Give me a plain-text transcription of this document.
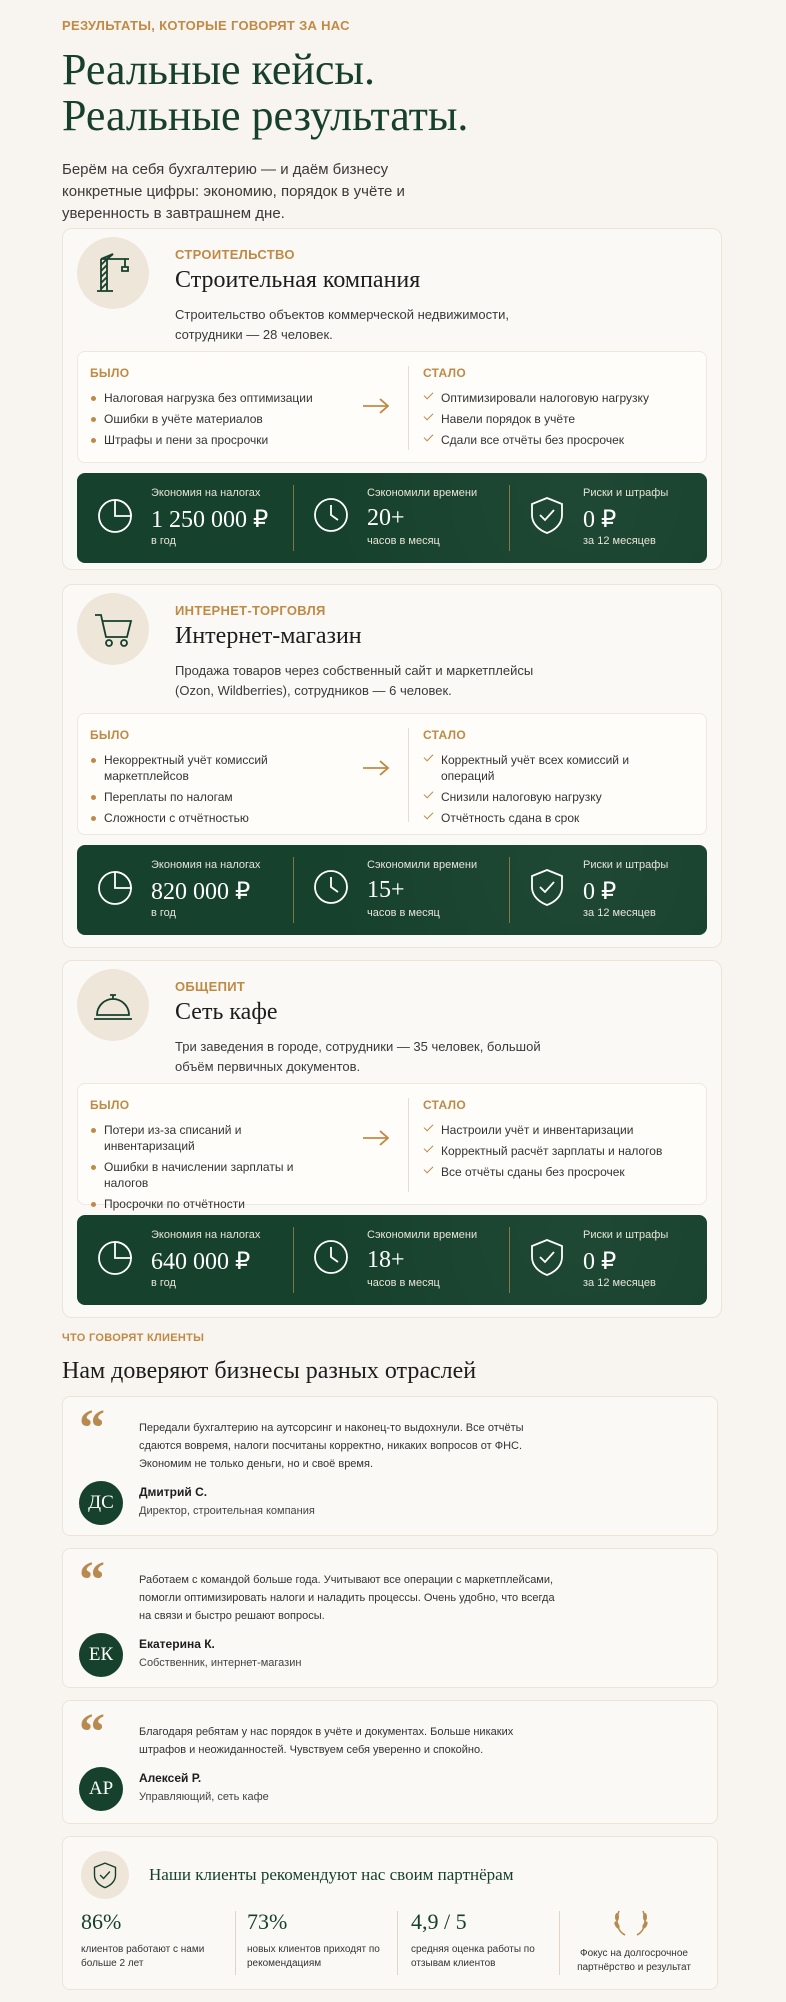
РЕЗУЛЬТАТЫ, КОТОРЫЕ ГОВОРЯТ ЗА НАС
Реальные кейсы.
Реальные результаты.

Берём на себя бухгалтерию — и даём бизнесу конкретные цифры: экономию, порядок в учёте и уверенность в завтрашнем дне.

СТРОИТЕЛЬСТВО
Строительная компания
Строительство объектов коммерческой недвижимости, сотрудники — 28 человек.
БЫЛО
Налоговая нагрузка без оптимизации
Ошибки в учёте материалов
Штрафы и пени за просрочки
СТАЛО
Оптимизировали налоговую нагрузку
Навели порядок в учёте
Сдали все отчёты без просрочек
Экономия на налогах
1 250 000 ₽
в год
Сэкономили времени
20+
часов в месяц
Риски и штрафы
0 ₽
за 12 месяцев
ИНТЕРНЕТ-ТОРГОВЛЯ
Интернет-магазин
Продажа товаров через собственный сайт и маркетплейсы (Ozon, Wildberries), сотрудников — 6 человек.
БЫЛО
Некорректный учёт комиссий маркетплейсов
Переплаты по налогам
Сложности с отчётностью
СТАЛО
Корректный учёт всех комиссий и операций
Снизили налоговую нагрузку
Отчётность сдана в срок
Экономия на налогах
820 000 ₽
в год
Сэкономили времени
15+
часов в месяц
Риски и штрафы
0 ₽
за 12 месяцев
ОБЩЕПИТ
Сеть кафе
Три заведения в городе, сотрудники — 35 человек, большой объём первичных документов.
БЫЛО
Потери из-за списаний и инвентаризаций
Ошибки в начислении зарплаты и налогов
Просрочки по отчётности
СТАЛО
Настроили учёт и инвентаризации
Корректный расчёт зарплаты и налогов
Все отчёты сданы без просрочек
Экономия на налогах
640 000 ₽
в год
Сэкономили времени
18+
часов в месяц
Риски и штрафы
0 ₽
за 12 месяцев
ЧТО ГОВОРЯТ КЛИЕНТЫ
Нам доверяют бизнесы разных отраслей
“	Передали бухгалтерию на аутсорсинг и наконец-то выдохнули. Все отчёты сдаются вовремя, налоги посчитаны корректно, никаких вопросов от ФНС. Экономим не только деньги, но и своё время.
ДС	Дмитрий С.
Директор, строительная компания
“	Работаем с командой больше года. Учитывают все операции с маркетплейсами, помогли оптимизировать налоги и наладить процессы. Очень удобно, что всегда на связи и быстро решают вопросы.
ЕК	Екатерина К.
Собственник, интернет-магазин
“	Благодаря ребятам у нас порядок в учёте и документах. Больше никаких штрафов и неожиданностей. Чувствуем себя уверенно и спокойно.
АР	Алексей Р.
Управляющий, сеть кафе
Наши клиенты рекомендуют нас своим партнёрам
86%
клиентов работают с нами больше 2 лет
73%
новых клиентов приходят по рекомендациям
4,9 / 5
средняя оценка работы по отзывам клиентов
Фокус на долгосрочное партнёрство и результат
